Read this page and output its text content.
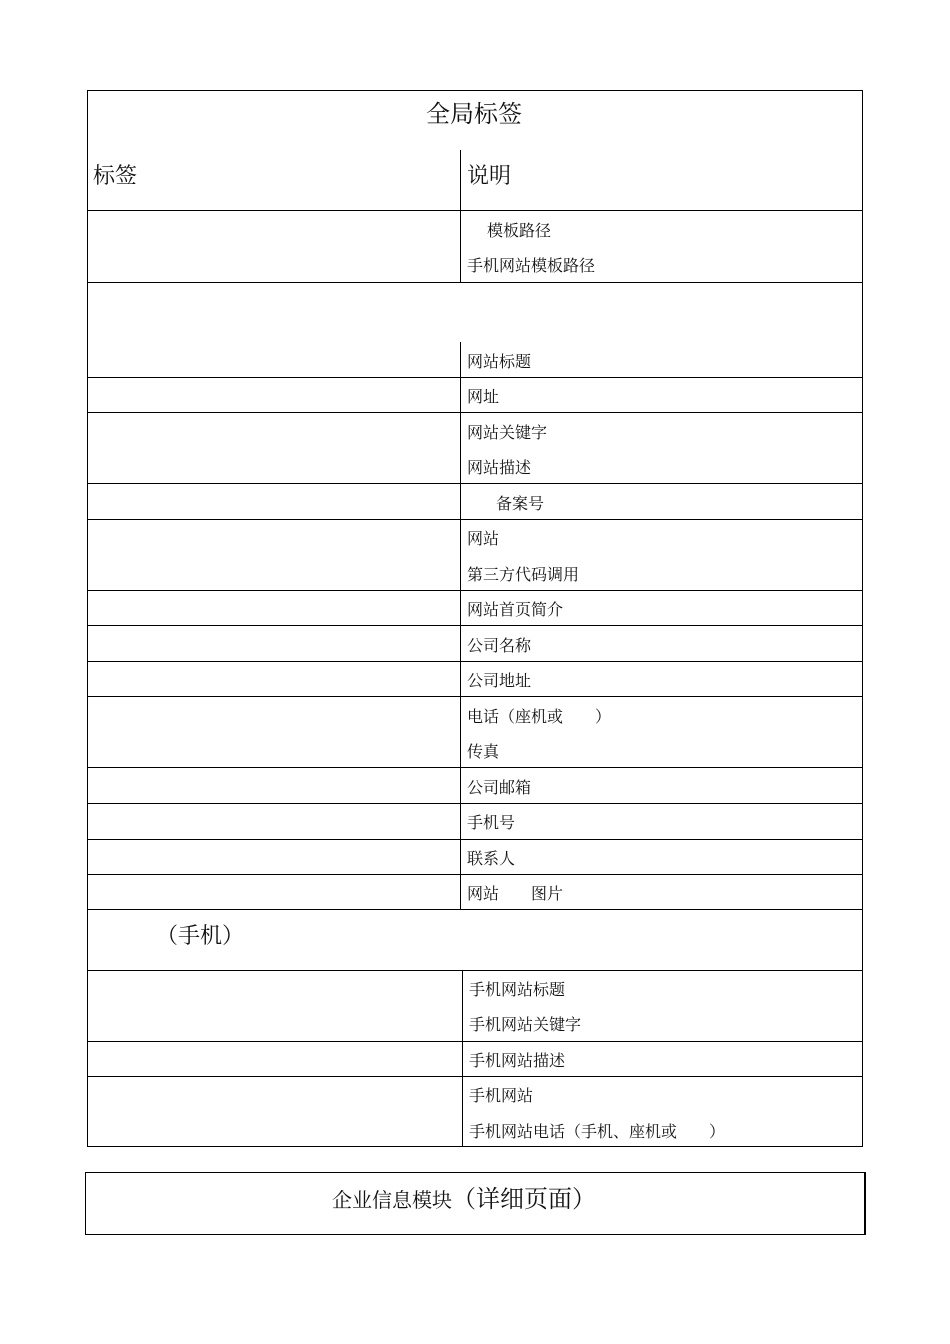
全局标签
标签	说明
模板路径
手机网站模板路径
网站标题
网址
网站关键字
网站描述
备案号
网站
第三方代码调用
网站首页简介
公司名称
公司地址
电话（座机或　　）
传真
公司邮箱
手机号
联系人
网站　　图片
（手机）
手机网站标题
手机网站关键字
手机网站描述
手机网站
手机网站电话（手机、座机或　　）
企业信息模块（详细页面）
